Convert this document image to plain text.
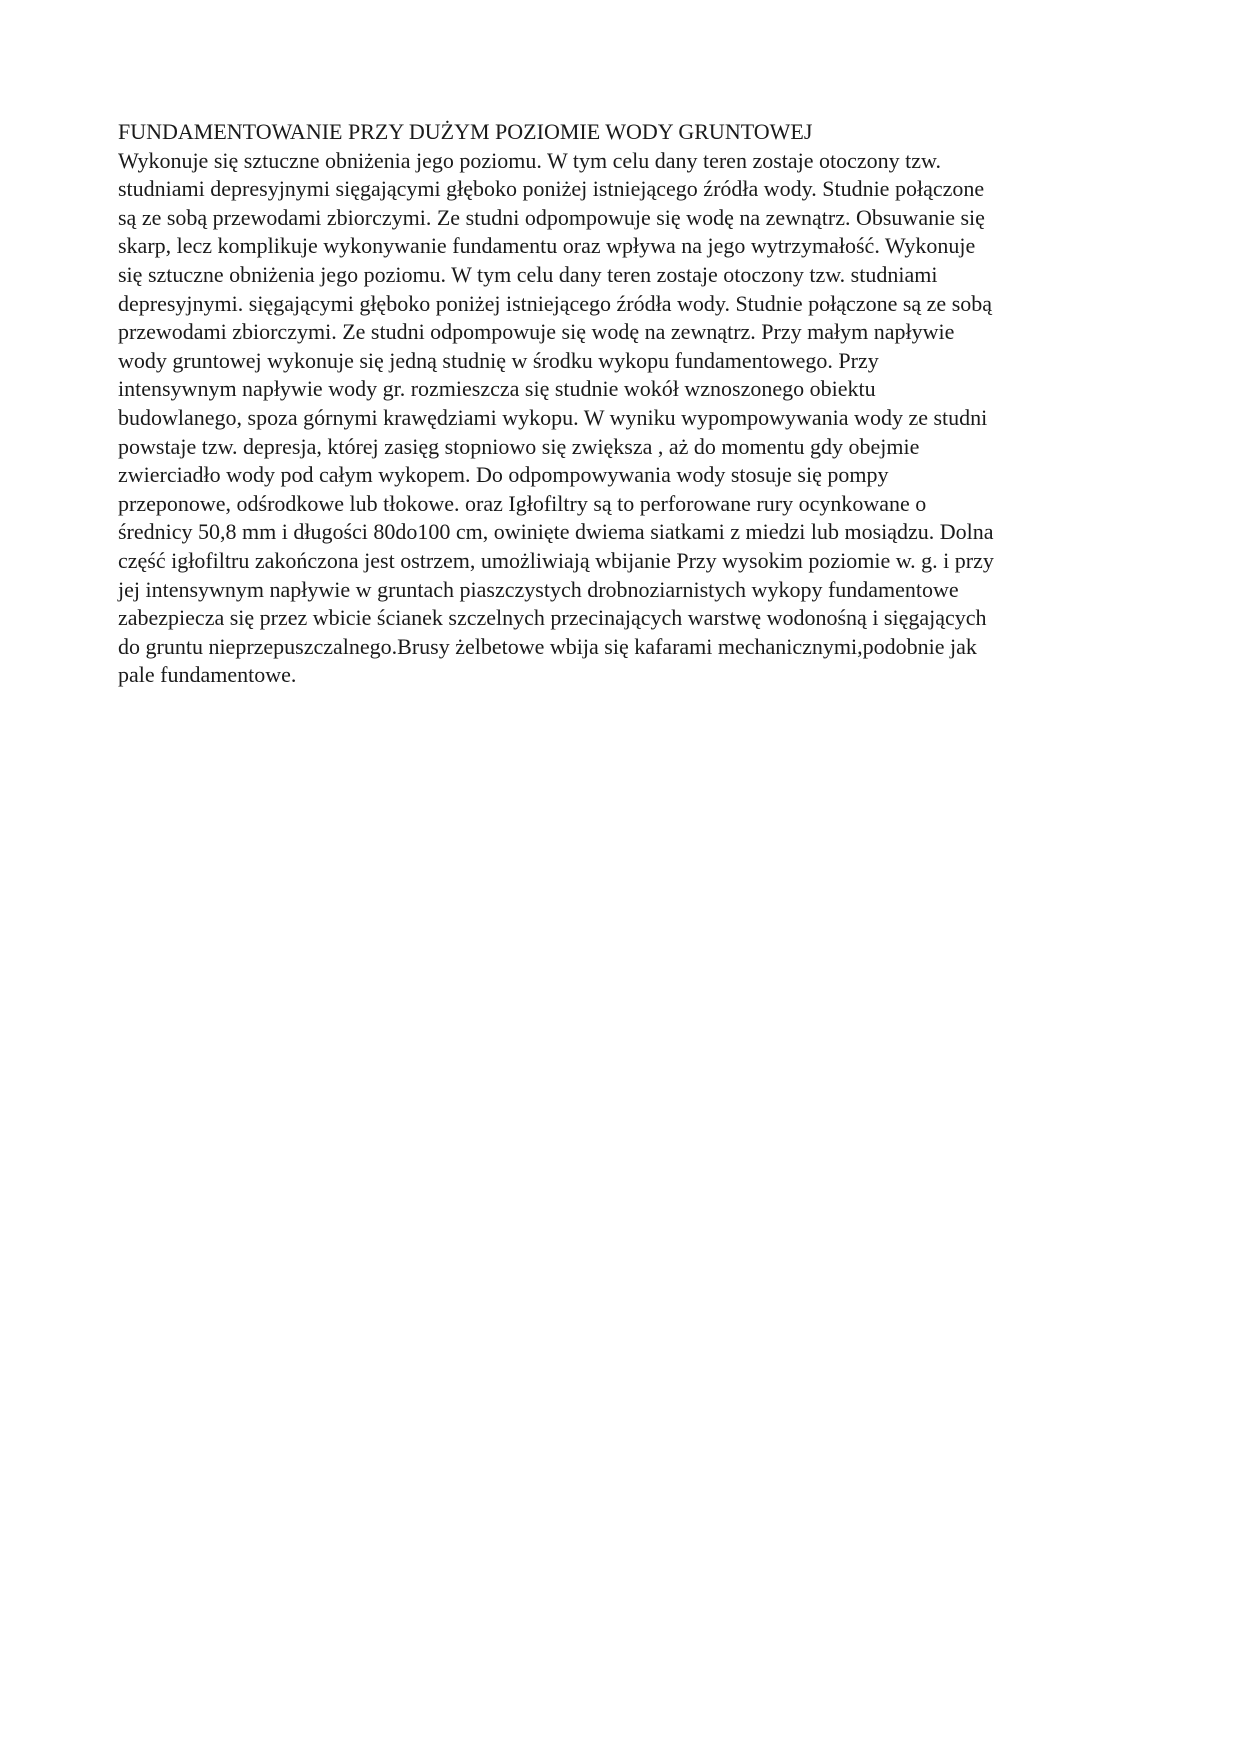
FUNDAMENTOWANIE PRZY DUŻYM POZIOMIE WODY GRUNTOWEJ
Wykonuje się sztuczne obniżenia jego poziomu. W tym celu dany teren zostaje otoczony tzw.
studniami depresyjnymi sięgającymi głęboko poniżej istniejącego źródła wody. Studnie połączone
są ze sobą przewodami zbiorczymi. Ze studni odpompowuje się wodę na zewnątrz. Obsuwanie się
skarp, lecz komplikuje wykonywanie fundamentu oraz wpływa na jego wytrzymałość. Wykonuje
się sztuczne obniżenia jego poziomu. W tym celu dany teren zostaje otoczony tzw. studniami
depresyjnymi. sięgającymi głęboko poniżej istniejącego źródła wody. Studnie połączone są ze sobą
przewodami zbiorczymi. Ze studni odpompowuje się wodę na zewnątrz. Przy małym napływie
wody gruntowej wykonuje się jedną studnię w środku wykopu fundamentowego. Przy
intensywnym napływie wody gr. rozmieszcza się studnie wokół wznoszonego obiektu
budowlanego, spoza górnymi krawędziami wykopu. W wyniku wypompowywania wody ze studni
powstaje tzw. depresja, której zasięg stopniowo się zwiększa , aż do momentu gdy obejmie
zwierciadło wody pod całym wykopem. Do odpompowywania wody stosuje się pompy
przeponowe, odśrodkowe lub tłokowe. oraz Igłofiltry są to perforowane rury ocynkowane o
średnicy 50,8 mm i długości 80do100 cm, owinięte dwiema siatkami z miedzi lub mosiądzu. Dolna
część igłofiltru zakończona jest ostrzem, umożliwiają wbijanie Przy wysokim poziomie w. g. i przy
jej intensywnym napływie w gruntach piaszczystych drobnoziarnistych wykopy fundamentowe
zabezpiecza się przez wbicie ścianek szczelnych przecinających warstwę wodonośną i sięgających
do gruntu nieprzepuszczalnego.Brusy żelbetowe wbija się kafarami mechanicznymi,podobnie jak
pale fundamentowe.
